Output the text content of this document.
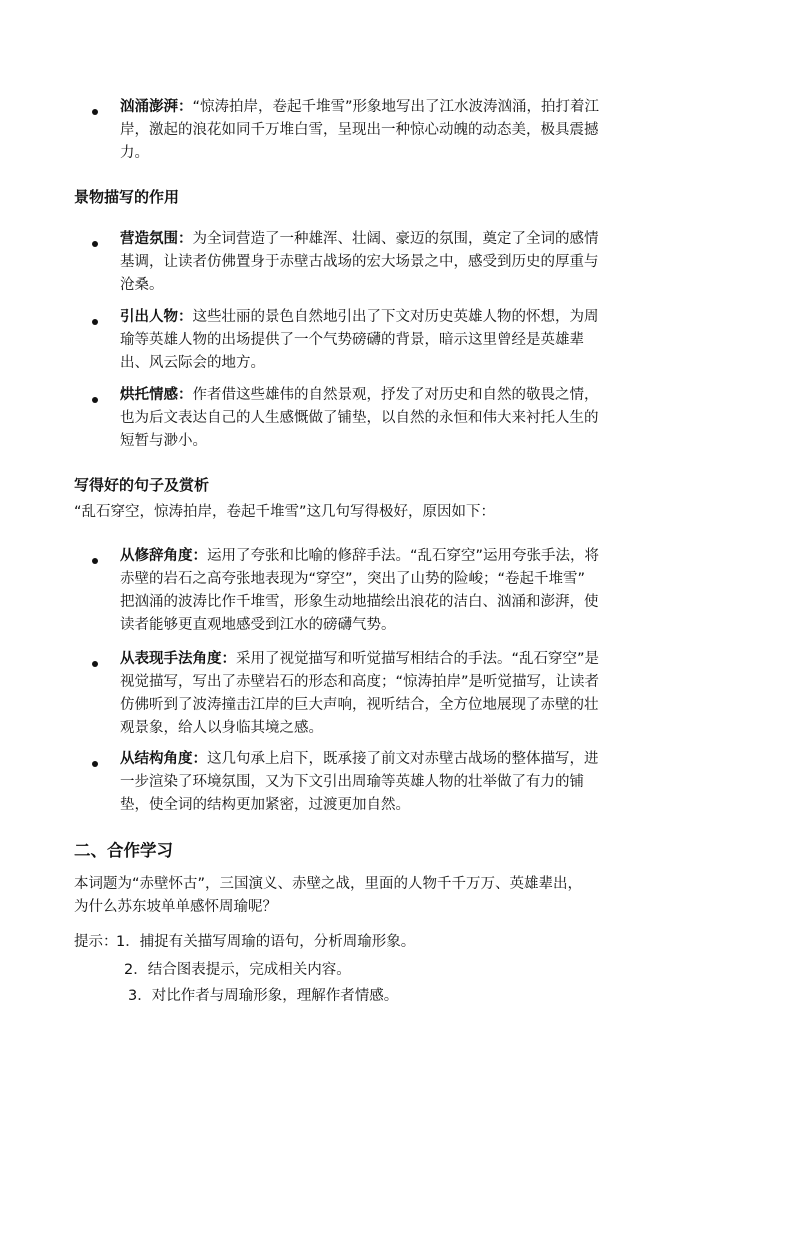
汹涌澎湃：“惊涛拍岸，卷起千堆雪”形象地写出了江水波涛汹涌，拍打着江
岸，激起的浪花如同千万堆白雪，呈现出一种惊心动魄的动态美，极具震撼
力。
景物描写的作用
营造氛围：为全词营造了一种雄浑、壮阔、豪迈的氛围，奠定了全词的感情
基调，让读者仿佛置身于赤壁古战场的宏大场景之中，感受到历史的厚重与
沧桑。
引出人物：这些壮丽的景色自然地引出了下文对历史英雄人物的怀想，为周
瑜等英雄人物的出场提供了一个气势磅礴的背景，暗示这里曾经是英雄辈
出、风云际会的地方。
烘托情感：作者借这些雄伟的自然景观，抒发了对历史和自然的敬畏之情，
也为后文表达自己的人生感慨做了铺垫，以自然的永恒和伟大来衬托人生的
短暂与渺小。
写得好的句子及赏析
“乱石穿空，惊涛拍岸，卷起千堆雪”这几句写得极好，原因如下：
从修辞角度：运用了夸张和比喻的修辞手法。“乱石穿空”运用夸张手法，将
赤壁的岩石之高夸张地表现为“穿空”，突出了山势的险峻；“卷起千堆雪”
把汹涌的波涛比作千堆雪，形象生动地描绘出浪花的洁白、汹涌和澎湃，使
读者能够更直观地感受到江水的磅礴气势。
从表现手法角度：采用了视觉描写和听觉描写相结合的手法。“乱石穿空”是
视觉描写，写出了赤壁岩石的形态和高度；“惊涛拍岸”是听觉描写，让读者
仿佛听到了波涛撞击江岸的巨大声响，视听结合，全方位地展现了赤壁的壮
观景象，给人以身临其境之感。
从结构角度：这几句承上启下，既承接了前文对赤壁古战场的整体描写，进
一步渲染了环境氛围，又为下文引出周瑜等英雄人物的壮举做了有力的铺
垫，使全词的结构更加紧密，过渡更加自然。
二、合作学习
本词题为“赤壁怀古”，三国演义、赤壁之战，里面的人物千千万万、英雄辈出，
为什么苏东坡单单感怀周瑜呢？
提示：
1．捕捉有关描写周瑜的语句，分析周瑜形象。
2．结合图表提示，完成相关内容。
3．对比作者与周瑜形象，理解作者情感。
